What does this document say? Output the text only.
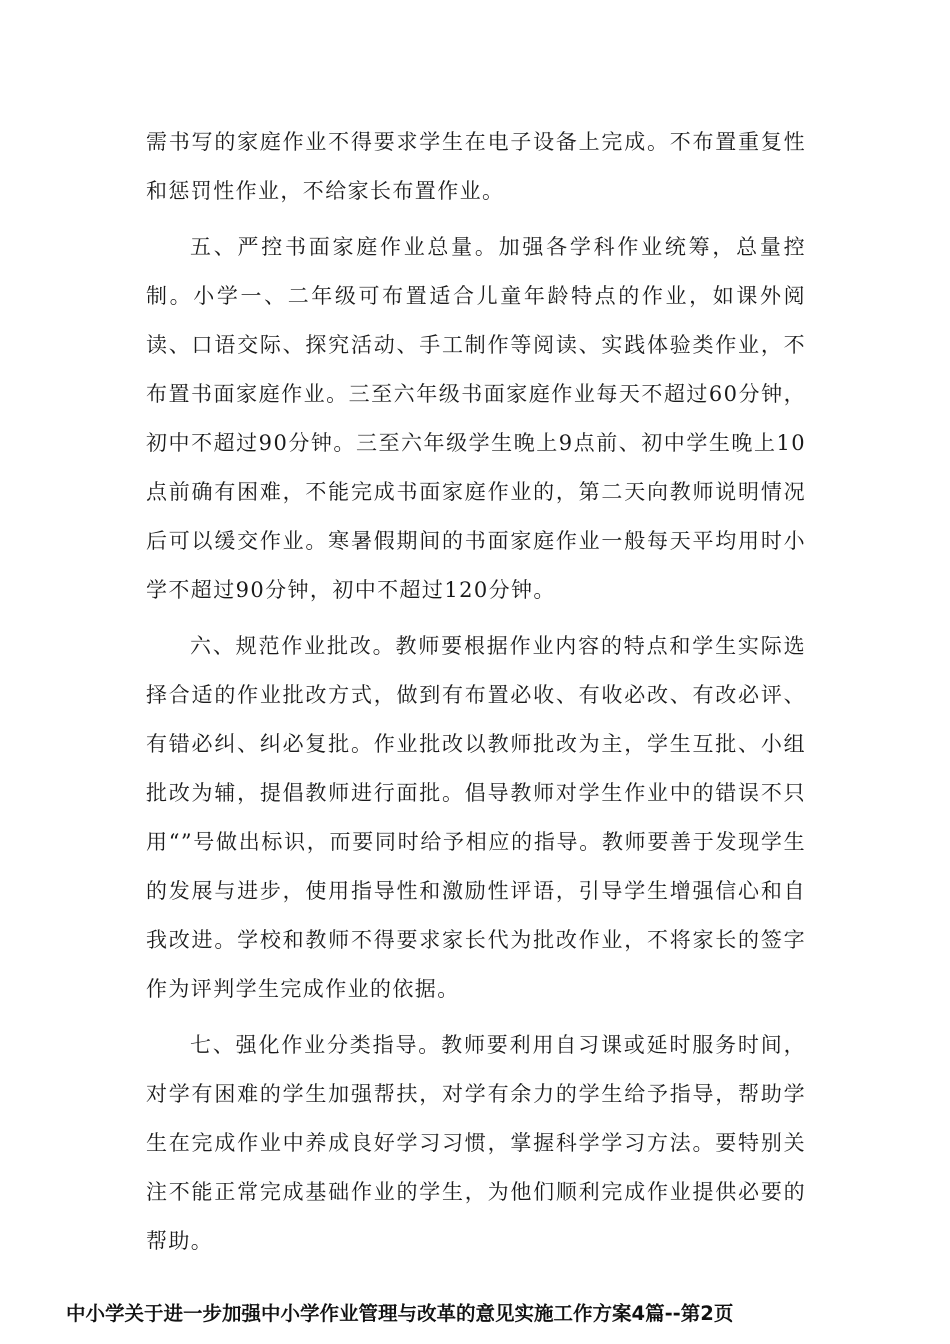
需书写的家庭作业不得要求学生在电子设备上完成。不布置重复性和惩罚性作业，不给家长布置作业。

五、严控书面家庭作业总量。加强各学科作业统筹，总量控制。小学一、二年级可布置适合儿童年龄特点的作业，如课外阅读、口语交际、探究活动、手工制作等阅读、实践体验类作业，不布置书面家庭作业。三至六年级书面家庭作业每天不超过60分钟，初中不超过90分钟。三至六年级学生晚上9点前、初中学生晚上10点前确有困难，不能完成书面家庭作业的，第二天向教师说明情况后可以缓交作业。寒暑假期间的书面家庭作业一般每天平均用时小学不超过90分钟，初中不超过120分钟。

六、规范作业批改。教师要根据作业内容的特点和学生实际选择合适的作业批改方式，做到有布置必收、有收必改、有改必评、有错必纠、纠必复批。作业批改以教师批改为主，学生互批、小组批改为辅，提倡教师进行面批。倡导教师对学生作业中的错误不只用“”号做出标识，而要同时给予相应的指导。教师要善于发现学生的发展与进步，使用指导性和激励性评语，引导学生增强信心和自我改进。学校和教师不得要求家长代为批改作业，不将家长的签字作为评判学生完成作业的依据。

七、强化作业分类指导。教师要利用自习课或延时服务时间，对学有困难的学生加强帮扶，对学有余力的学生给予指导，帮助学生在完成作业中养成良好学习习惯，掌握科学学习方法。要特别关注不能正常完成基础作业的学生，为他们顺利完成作业提供必要的帮助。

中小学关于进一步加强中小学作业管理与改革的意见实施工作方案4篇--第2页
